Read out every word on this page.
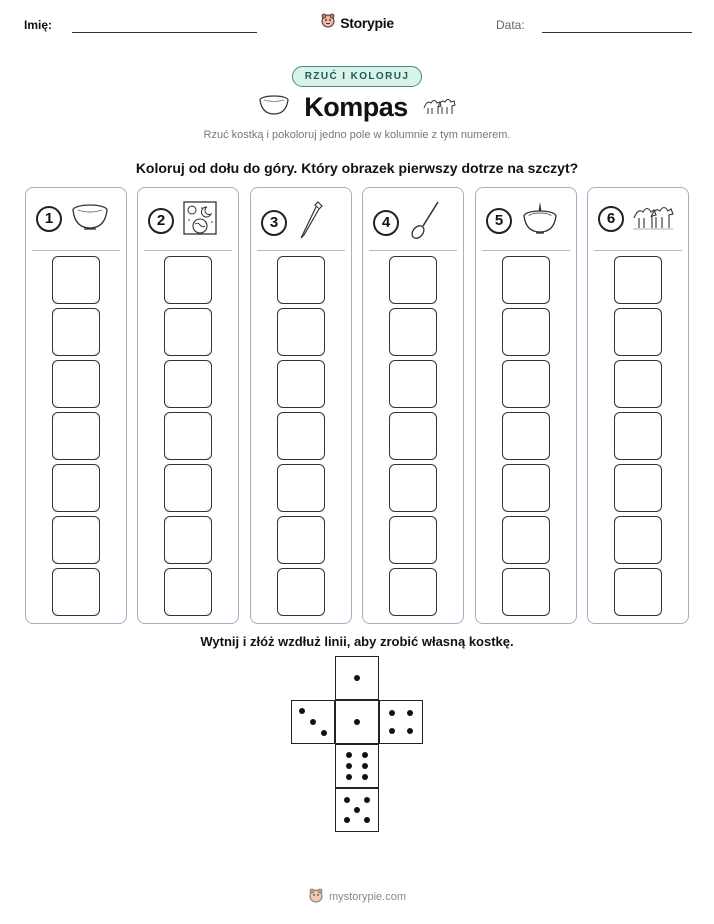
Imię:	Storypie	Data:
RZUĆ I KOLORUJ
Kompas
Rzuć kostką i pokoloruj jedno pole w kolumnie z tym numerem.
Koloruj od dołu do góry. Który obrazek pierwszy dotrze na szczyt?
1	2	3	4	5	6
Wytnij i złóż wzdłuż linii, aby zrobić własną kostkę.
mystorypie.com
